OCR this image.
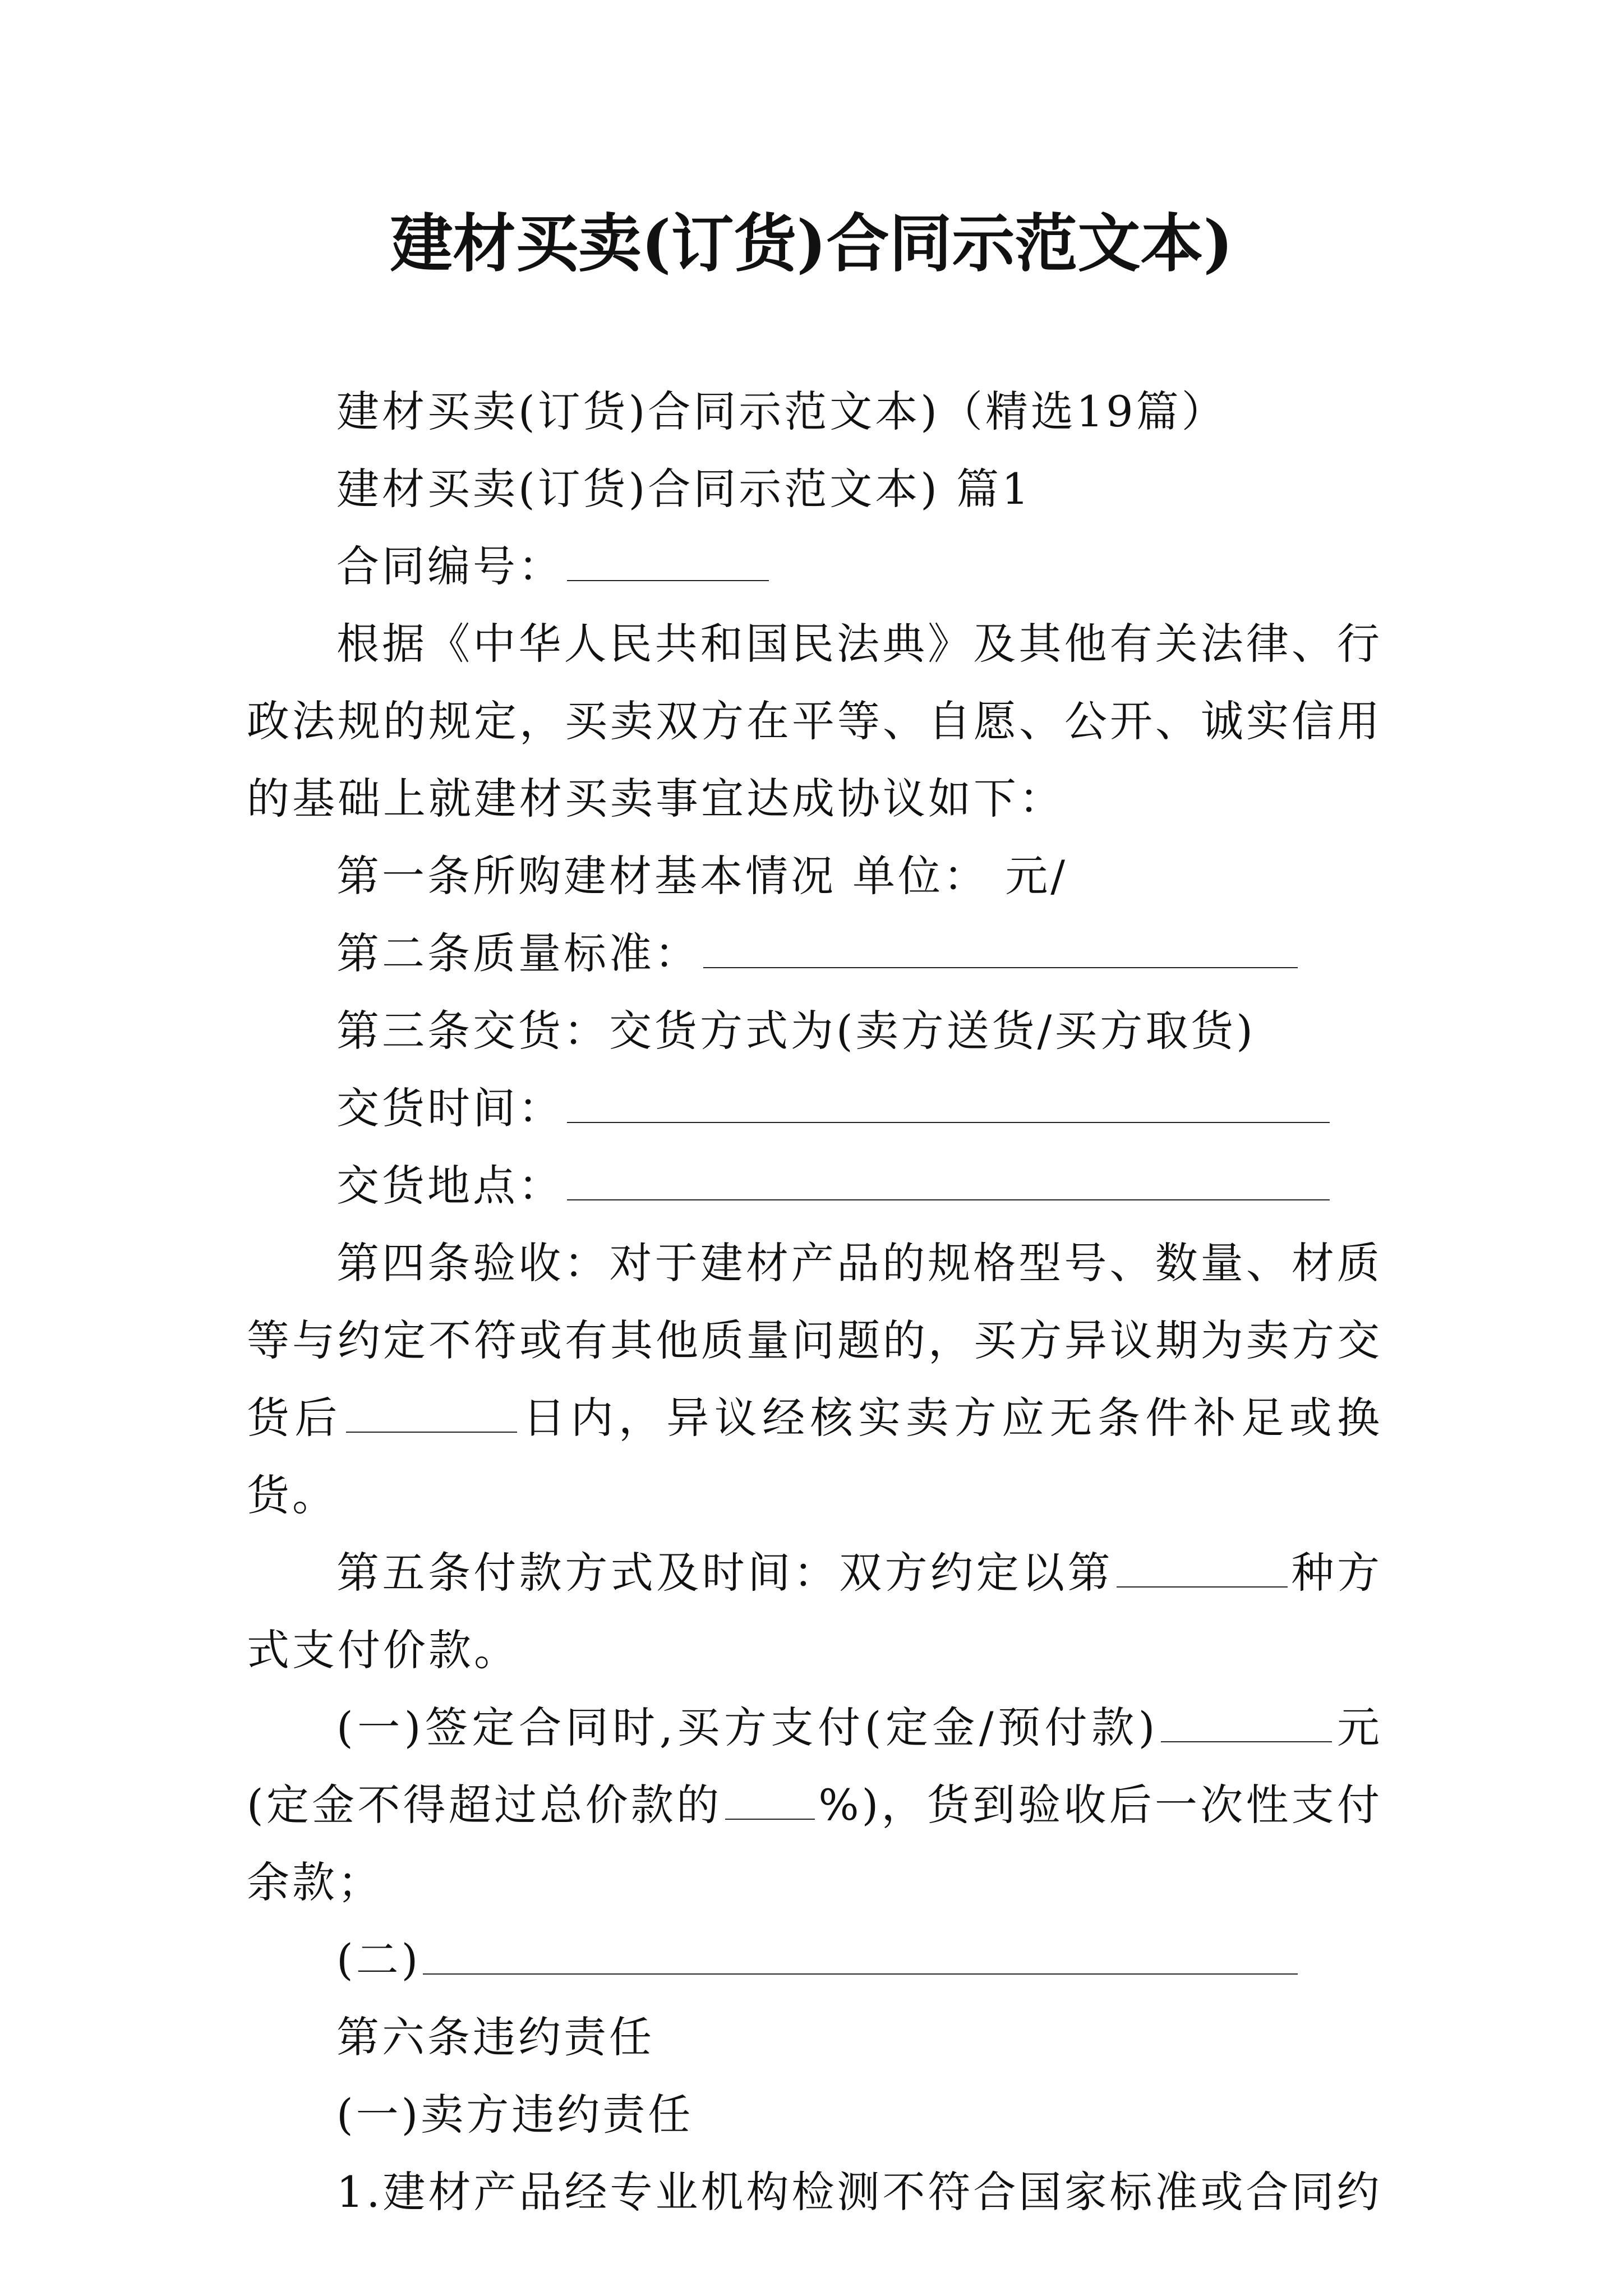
建材买卖(订货)合同示范文本)

建材买卖(订货)合同示范文本)（精选19篇）

建材买卖(订货)合同示范文本) 篇1

合同编号：

根据《中华人民共和国民法典》及其他有关法律、行政法规的规定，买卖双方在平等、自愿、公开、诚实信用的基础上就建材买卖事宜达成协议如下：

第一条所购建材基本情况 单位： 元/

第二条质量标准：

第三条交货：交货方式为(卖方送货/买方取货)

交货时间：

交货地点：

第四条验收：对于建材产品的规格型号、数量、材质等与约定不符或有其他质量问题的，买方异议期为卖方交货后	日内，异议经核实卖方应无条件补足或换货。

第五条付款方式及时间：双方约定以第	种方式支付价款。

(一)签定合同时,买方支付(定金/预付款)	元(定金不得超过总价款的 %)，货到验收后一次性支付余款；

(二)

第六条违约责任

(一)卖方违约责任

1.建材产品经专业机构检测不符合国家标准或合同约
